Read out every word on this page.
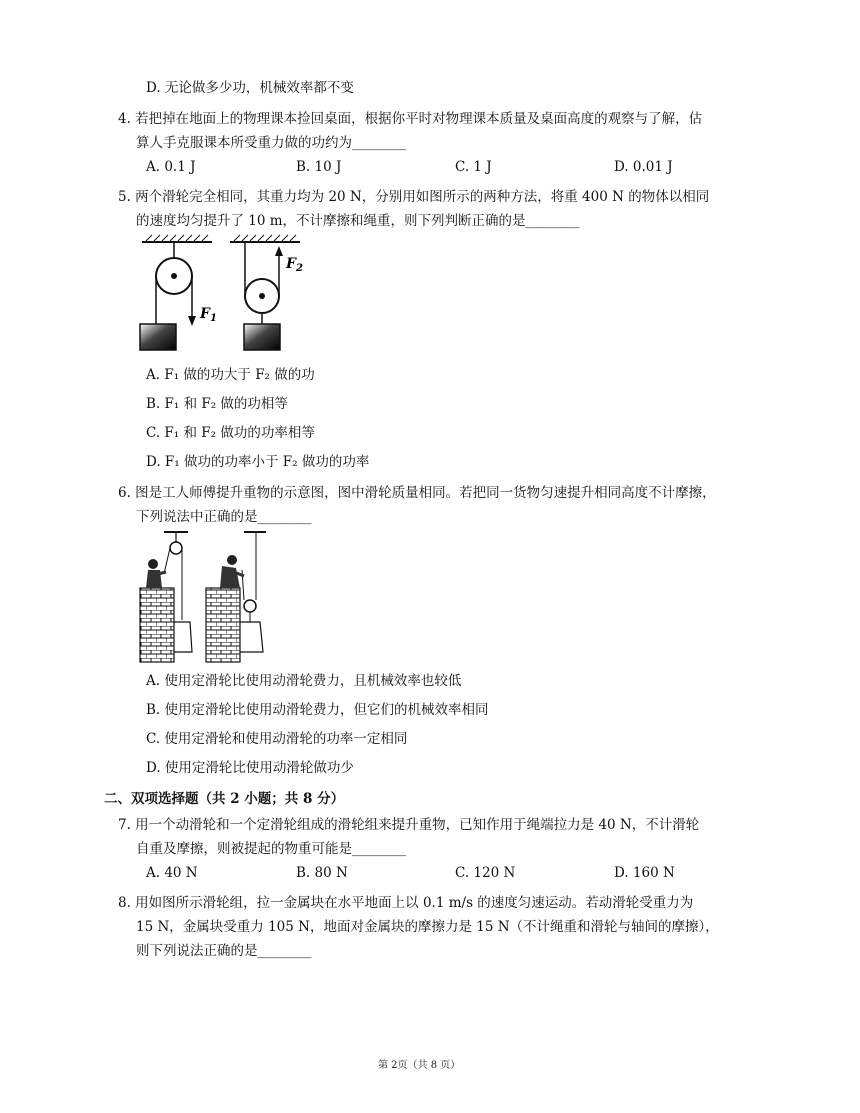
D. 无论做多少功，机械效率都不变
4. 若把掉在地面上的物理课本捡回桌面，根据你平时对物理课本质量及桌面高度的观察与了解，估
算人手克服课本所受重力做的功约为________
A. 0.1 J	B. 10 J	C. 1 J	D. 0.01 J
5. 两个滑轮完全相同，其重力均为 20 N，分别用如图所示的两种方法，将重 400 N 的物体以相同
的速度均匀提升了 10 m，不计摩擦和绳重，则下列判断正确的是________
$F_1$
$F_2$
A. F₁ 做的功大于 F₂ 做的功
B. F₁ 和 F₂ 做的功相等
C. F₁ 和 F₂ 做功的功率相等
D. F₁ 做功的功率小于 F₂ 做功的功率
6. 图是工人师傅提升重物的示意图，图中滑轮质量相同。若把同一货物匀速提升相同高度不计摩擦，
下列说法中正确的是________
A. 使用定滑轮比使用动滑轮费力，且机械效率也较低
B. 使用定滑轮比使用动滑轮费力，但它们的机械效率相同
C. 使用定滑轮和使用动滑轮的功率一定相同
D. 使用定滑轮比使用动滑轮做功少
二、双项选择题（共 2 小题；共 8 分）
7. 用一个动滑轮和一个定滑轮组成的滑轮组来提升重物，已知作用于绳端拉力是 40 N，不计滑轮
自重及摩擦，则被提起的物重可能是________
A. 40 N	B. 80 N	C. 120 N	D. 160 N
8. 用如图所示滑轮组，拉一金属块在水平地面上以 0.1 m/s 的速度匀速运动。若动滑轮受重力为
15 N，金属块受重力 105 N，地面对金属块的摩擦力是 15 N（不计绳重和滑轮与轴间的摩擦），
则下列说法正确的是________
第 2页（共 8 页）
